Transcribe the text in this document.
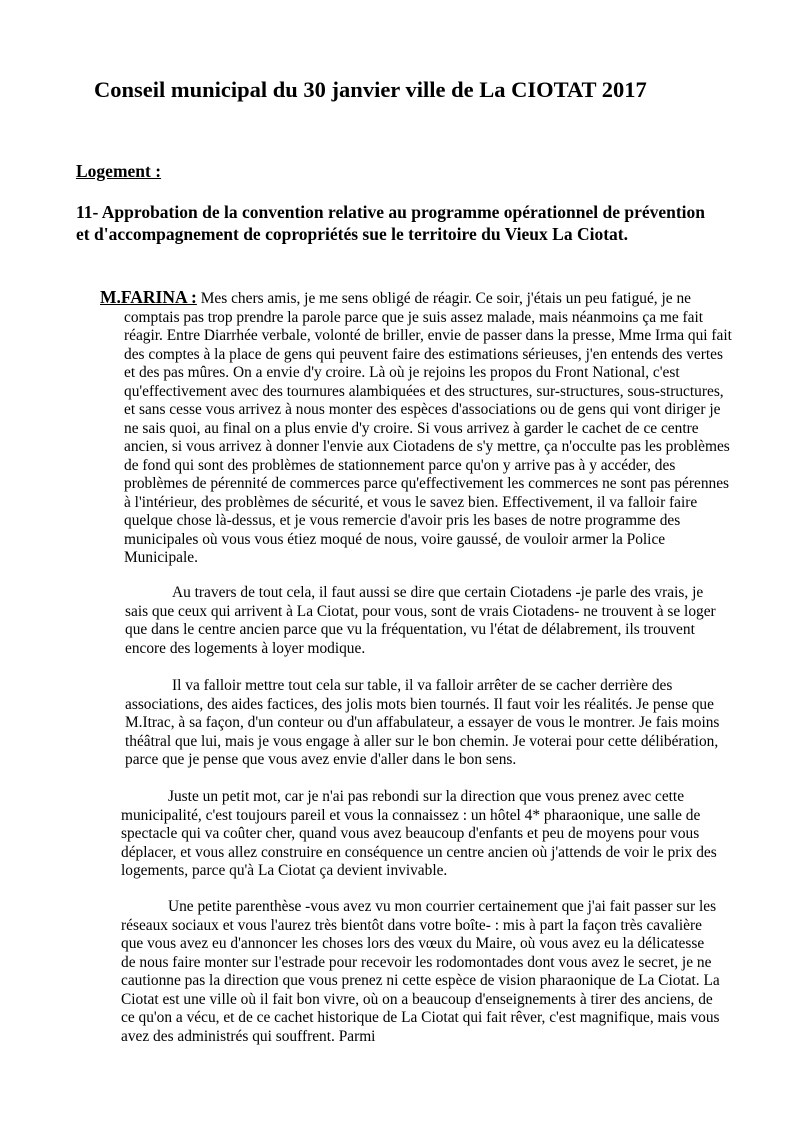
Conseil municipal du 30 janvier ville de La CIOTAT 2017
Logement :
11- Approbation de la convention relative au programme opérationnel de prévention et d'accompagnement de copropriétés sue le territoire du Vieux La Ciotat.

M.FARINA : Mes chers amis, je me sens obligé de réagir. Ce soir, j'étais un peu fatigué, je ne comptais pas trop prendre la parole parce que je suis assez malade, mais néanmoins ça me fait réagir. Entre Diarrhée verbale, volonté de briller, envie de passer dans la presse, Mme Irma qui fait des comptes à la place de gens qui peuvent faire des estimations sérieuses, j'en entends des vertes et des pas mûres. On a envie d'y croire. Là où je rejoins les propos du Front National, c'est qu'effectivement avec des tournures alambiquées et des structures, sur-structures, sous-structures, et sans cesse vous arrivez à nous monter des espèces d'associations ou de gens qui vont diriger je ne sais quoi, au final on a plus envie d'y croire. Si vous arrivez à garder le cachet de ce centre ancien, si vous arrivez à donner l'envie aux Ciotadens de s'y mettre, ça n'occulte pas les problèmes de fond qui sont des problèmes de stationnement parce qu'on y arrive pas à y accéder, des problèmes de pérennité de commerces parce qu'effectivement les commerces ne sont pas pérennes à l'intérieur, des problèmes de sécurité, et vous le savez bien. Effectivement, il va falloir faire quelque chose là-dessus, et je vous remercie d'avoir pris les bases de notre programme des municipales où vous vous étiez moqué de nous, voire gaussé, de vouloir armer la Police Municipale.

Au travers de tout cela, il faut aussi se dire que certain Ciotadens -je parle des vrais, je sais que ceux qui arrivent à La Ciotat, pour vous, sont de vrais Ciotadens- ne trouvent à se loger que dans le centre ancien parce que vu la fréquentation, vu l'état de délabrement, ils trouvent encore des logements à loyer modique.

Il va falloir mettre tout cela sur table, il va falloir arrêter de se cacher derrière des associations, des aides factices, des jolis mots bien tournés. Il faut voir les réalités. Je pense que M.Itrac, à sa façon, d'un conteur ou d'un affabulateur, a essayer de vous le montrer. Je fais moins théâtral que lui, mais je vous engage à aller sur le bon chemin. Je voterai pour cette délibération, parce que je pense que vous avez envie d'aller dans le bon sens.

Juste un petit mot, car je n'ai pas rebondi sur la direction que vous prenez avec cette municipalité, c'est toujours pareil et vous la connaissez : un hôtel 4* pharaonique, une salle de spectacle qui va coûter cher, quand vous avez beaucoup d'enfants et peu de moyens pour vous déplacer, et vous allez construire en conséquence un centre ancien où j'attends de voir le prix des logements, parce qu'à La Ciotat ça devient invivable.

Une petite parenthèse -vous avez vu mon courrier certainement que j'ai fait passer sur les réseaux sociaux et vous l'aurez très bientôt dans votre boîte- : mis à part la façon très cavalière que vous avez eu d'annoncer les choses lors des vœux du Maire, où vous avez eu la délicatesse de nous faire monter sur l'estrade pour recevoir les rodomontades dont vous avez le secret, je ne cautionne pas la direction que vous prenez ni cette espèce de vision pharaonique de La Ciotat. La Ciotat est une ville où il fait bon vivre, où on a beaucoup d'enseignements à tirer des anciens, de ce qu'on a vécu, et de ce cachet historique de La Ciotat qui fait rêver, c'est magnifique, mais vous avez des administrés qui souffrent. Parmi
